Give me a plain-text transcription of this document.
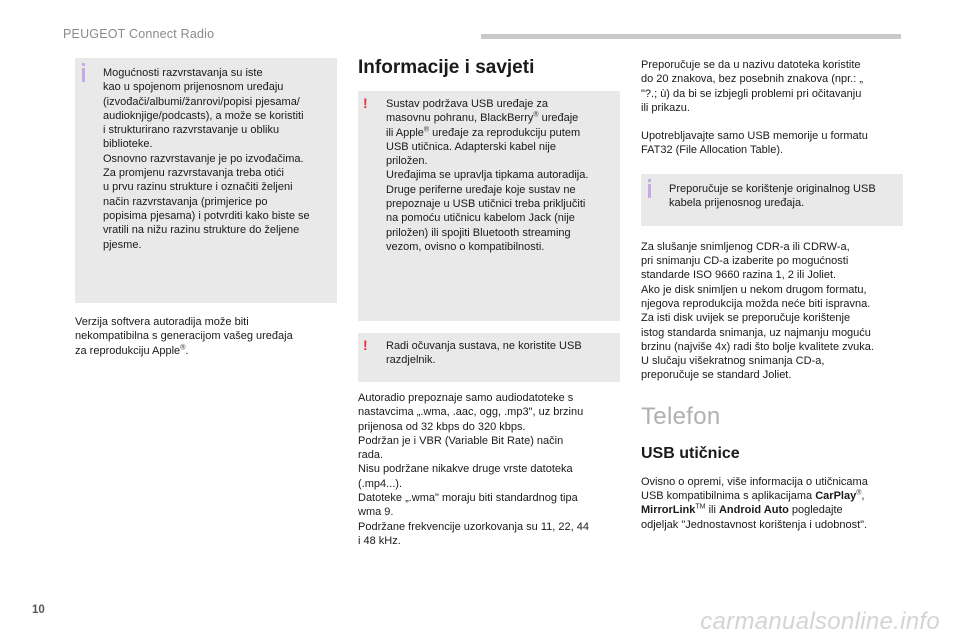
PEUGEOT Connect Radio
Mogućnosti razvrstavanja su iste
kao u spojenom prijenosnom uređaju
(izvođači/albumi/žanrovi/popisi pjesama/
audioknjige/podcasts), a može se koristiti
i strukturirano razvrstavanje u obliku
biblioteke.
Osnovno razvrstavanje je po izvođačima.
Za promjenu razvrstavanja treba otići
u prvu razinu strukture i označiti željeni
način razvrstavanja (primjerice po
popisima pjesama) i potvrditi kako biste se
vratili na nižu razinu strukture do željene
pjesme.
Verzija softvera autoradija može biti
nekompatibilna s generacijom vašeg uređaja
za reprodukciju Apple®.
Informacije i savjeti
!	Sustav podržava USB uređaje za
masovnu pohranu, BlackBerry® uređaje
ili Apple® uređaje za reprodukciju putem
USB utičnica. Adapterski kabel nije
priložen.
Uređajima se upravlja tipkama autoradija.
Druge periferne uređaje koje sustav ne
prepoznaje u USB utičnici treba priključiti
na pomoću utičnicu kabelom Jack (nije
priložen) ili spojiti Bluetooth streaming
vezom, ovisno o kompatibilnosti.
!	Radi očuvanja sustava, ne koristite USB
razdjelnik.
Autoradio prepoznaje samo audiodatoteke s
nastavcima „.wma, .aac, ogg, .mp3", uz brzinu
prijenosa od 32 kbps do 320 kbps.
Podržan je i VBR (Variable Bit Rate) način
rada.
Nisu podržane nikakve druge vrste datoteka
(.mp4...).
Datoteke „.wma" moraju biti standardnog tipa
wma 9.
Podržane frekvencije uzorkovanja su 11, 22, 44
i 48 kHz.
Preporučuje se da u nazivu datoteka koristite
do 20 znakova, bez posebnih znakova (npr.: „
"?.; ù) da bi se izbjegli problemi pri očitavanju
ili prikazu.
Upotrebljavajte samo USB memorije u formatu
FAT32 (File Allocation Table).
Preporučuje se korištenje originalnog USB
kabela prijenosnog uređaja.
Za slušanje snimljenog CDR-a ili CDRW-a,
pri snimanju CD-a izaberite po mogućnosti
standarde ISO 9660 razina 1, 2 ili Joliet.
Ako je disk snimljen u nekom drugom formatu,
njegova reprodukcija možda neće biti ispravna.
Za isti disk uvijek se preporučuje korištenje
istog standarda snimanja, uz najmanju moguću
brzinu (najviše 4x) radi što bolje kvalitete zvuka.
U slučaju višekratnog snimanja CD-a,
preporučuje se standard Joliet.
Telefon
USB utičnice
Ovisno o opremi, više informacija o utičnicama
USB kompatibilnima s aplikacijama CarPlay®,
MirrorLink™ ili Android Auto pogledajte
odjeljak "Jednostavnost korištenja i udobnost".
10	carmanualsonline.info
